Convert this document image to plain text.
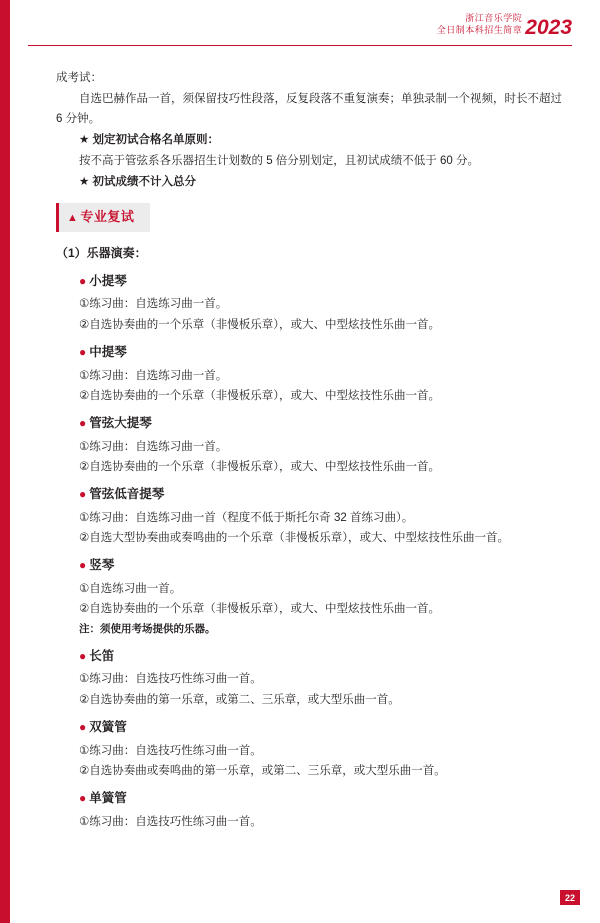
浙江音乐学院
全日制本科招生简章 2023
成考试：
自选巴赫作品一首，须保留技巧性段落，反复段落不重复演奏；单独录制一个视频，时长不超过 6 分钟。
★ 划定初试合格名单原则：
按不高于管弦系各乐器招生计划数的 5 倍分别划定，且初试成绩不低于 60 分。
★ 初试成绩不计入总分
▲ 专业复试
（1）乐器演奏：
● 小提琴
①练习曲：自选练习曲一首。
②自选协奏曲的一个乐章（非慢板乐章），或大、中型炫技性乐曲一首。
● 中提琴
①练习曲：自选练习曲一首。
②自选协奏曲的一个乐章（非慢板乐章），或大、中型炫技性乐曲一首。
● 管弦大提琴
①练习曲：自选练习曲一首。
②自选协奏曲的一个乐章（非慢板乐章），或大、中型炫技性乐曲一首。
● 管弦低音提琴
①练习曲：自选练习曲一首（程度不低于斯托尔奇 32 首练习曲）。
②自选大型协奏曲或奏鸣曲的一个乐章（非慢板乐章），或大、中型炫技性乐曲一首。
● 竖琴
①自选练习曲一首。
②自选协奏曲的一个乐章（非慢板乐章），或大、中型炫技性乐曲一首。
注：须使用考场提供的乐器。
● 长笛
①练习曲：自选技巧性练习曲一首。
②自选协奏曲的第一乐章，或第二、三乐章，或大型乐曲一首。
● 双簧管
①练习曲：自选技巧性练习曲一首。
②自选协奏曲或奏鸣曲的第一乐章，或第二、三乐章，或大型乐曲一首。
● 单簧管
①练习曲：自选技巧性练习曲一首。
22
